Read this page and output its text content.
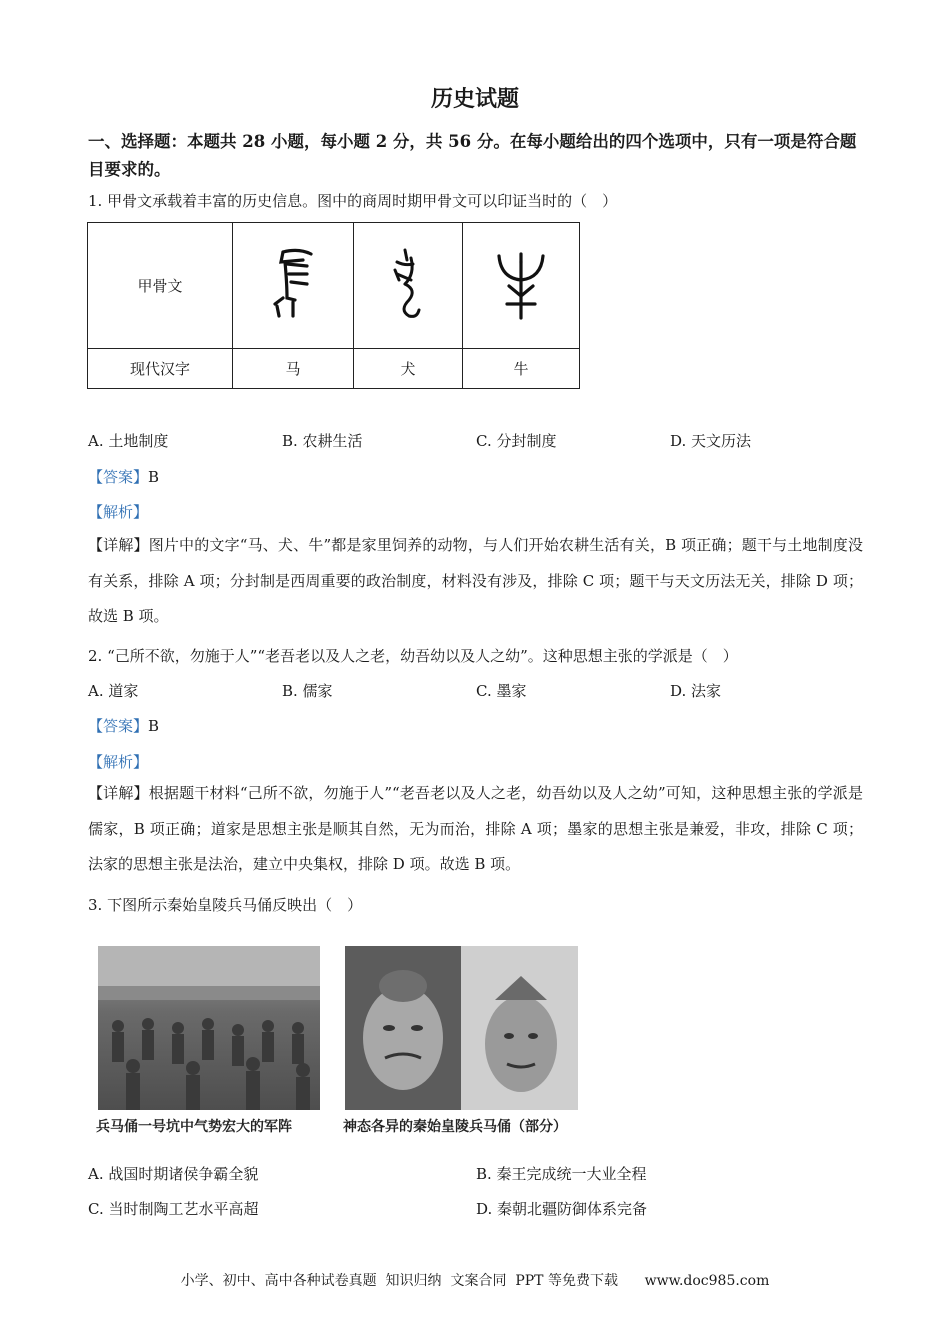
历史试题
一、选择题：本题共 28 小题，每小题 2 分，共 56 分。在每小题给出的四个选项中，只有一项是符合题目要求的。
1. 甲骨文承载着丰富的历史信息。图中的商周时期甲骨文可以印证当时的（　）
甲骨文			
现代汉字	马	犬	牛
A. 土地制度	B. 农耕生活	C. 分封制度	D. 天文历法
【答案】B
【解析】
【详解】图片中的文字“马、犬、牛”都是家里饲养的动物，与人们开始农耕生活有关，B 项正确；题干与土地制度没有关系，排除 A 项；分封制是西周重要的政治制度，材料没有涉及，排除 C 项；题干与天文历法无关，排除 D 项；故选 B 项。
2. “己所不欲，勿施于人”“老吾老以及人之老，幼吾幼以及人之幼”。这种思想主张的学派是（　）
A. 道家	B. 儒家	C. 墨家	D. 法家
【答案】B
【解析】
【详解】根据题干材料“己所不欲，勿施于人”“老吾老以及人之老，幼吾幼以及人之幼”可知，这种思想主张的学派是儒家，B 项正确；道家是思想主张是顺其自然，无为而治，排除 A 项；墨家的思想主张是兼爱，非攻，排除 C 项；法家的思想主张是法治，建立中央集权，排除 D 项。故选 B 项。
3. 下图所示秦始皇陵兵马俑反映出（　）
兵马俑一号坑中气势宏大的军阵	神态各异的秦始皇陵兵马俑（部分）
A. 战国时期诸侯争霸全貌	B. 秦王完成统一大业全程
C. 当时制陶工艺水平高超	D. 秦朝北疆防御体系完备
小学、初中、高中各种试卷真题  知识归纳  文案合同  PPT 等免费下载      www.doc985.com
